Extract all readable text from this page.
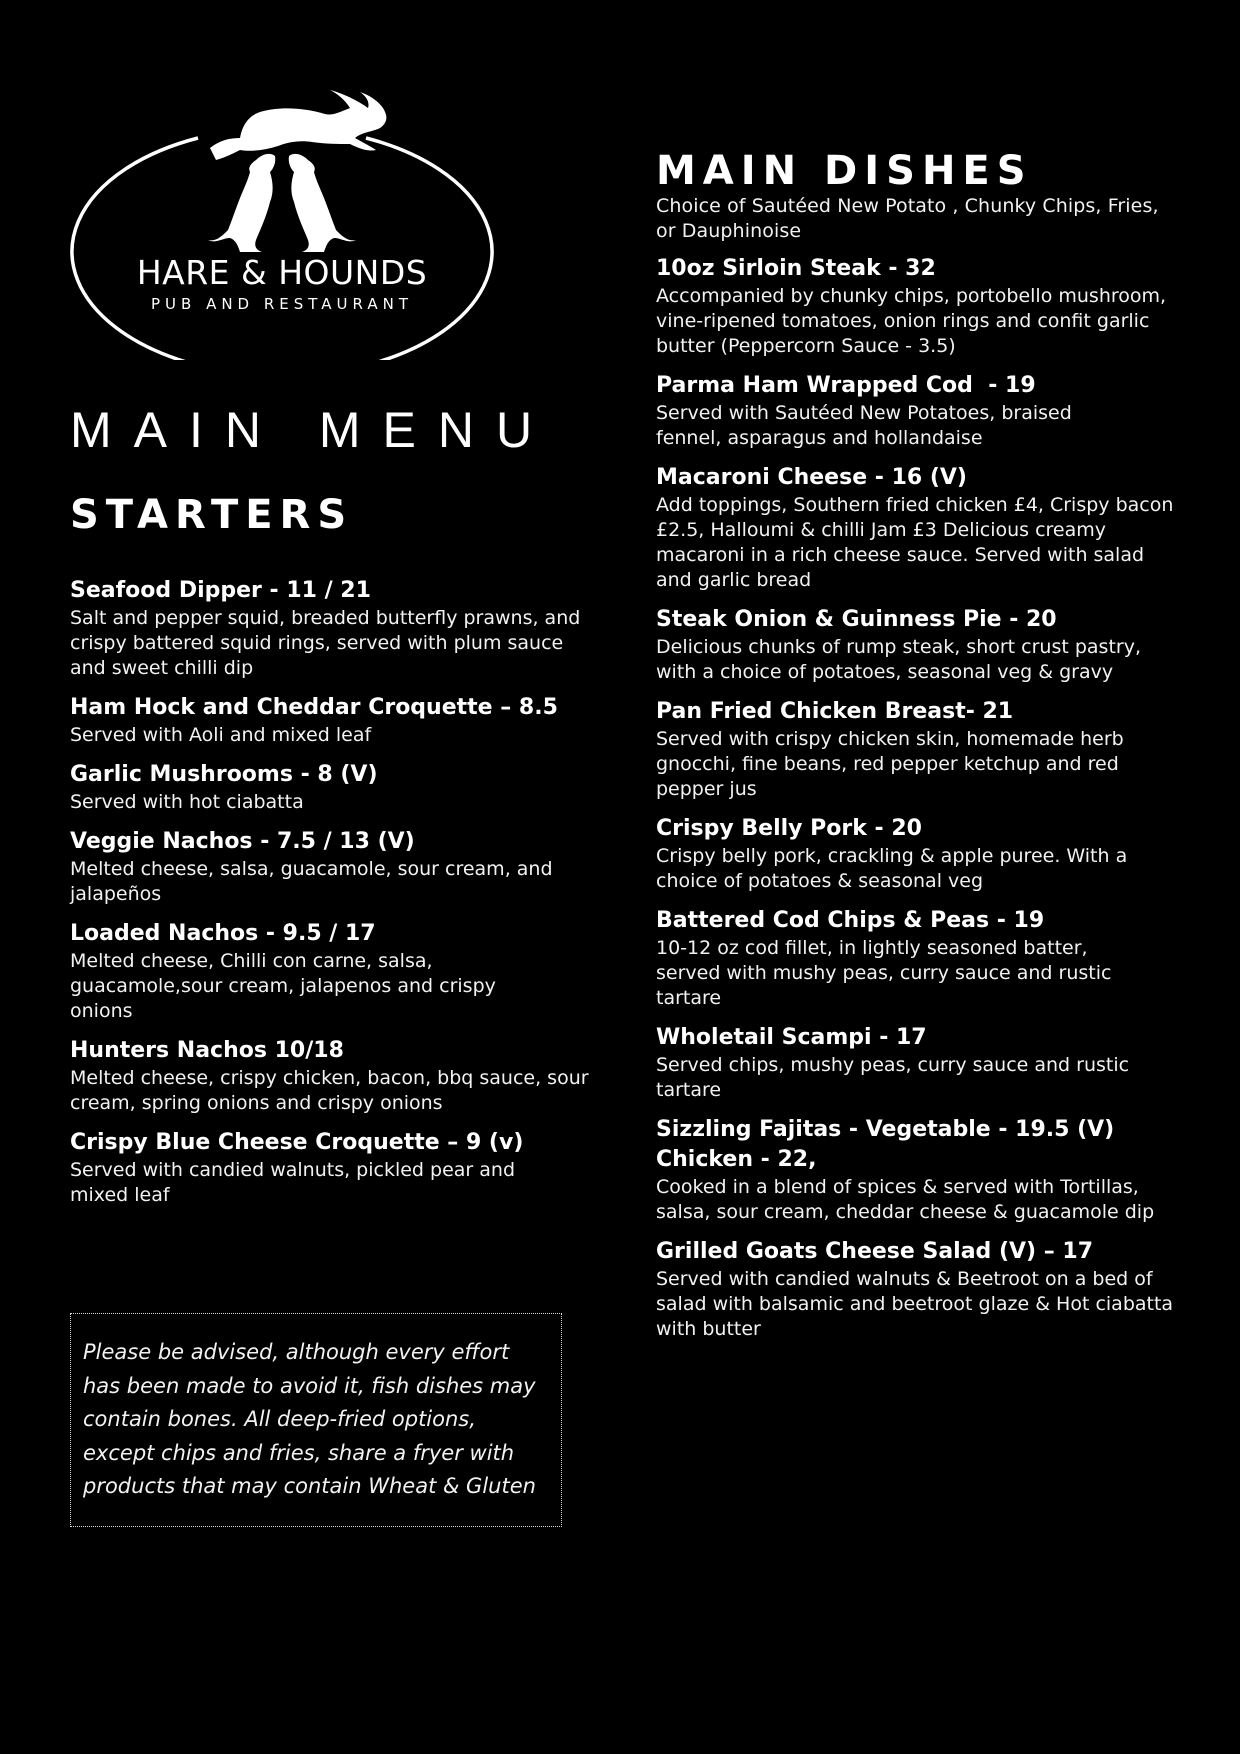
HARE & HOUNDS
PUB AND RESTAURANT
MAIN MENU
STARTERS

Seafood Dipper - 11 / 21

Salt and pepper squid, breaded butterfly prawns, and crispy battered squid rings, served with plum sauce and sweet chilli dip

Ham Hock and Cheddar Croquette – 8.5

Served with Aoli and mixed leaf

Garlic Mushrooms - 8 (V)

Served with hot ciabatta

Veggie Nachos - 7.5 / 13 (V)

Melted cheese, salsa, guacamole, sour cream, and jalapeños

Loaded Nachos - 9.5 / 17

Melted cheese, Chilli con carne, salsa, guacamole,sour cream, jalapenos and crispy onions

Hunters Nachos 10/18

Melted cheese, crispy chicken, bacon, bbq sauce, sour cream, spring onions and crispy onions

Crispy Blue Cheese Croquette – 9 (v)

Served with candied walnuts, pickled pear and mixed leaf

Please be advised, although every effort has been made to avoid it, fish dishes may contain bones. All deep-fried options, except chips and fries, share a fryer with products that may contain Wheat & Gluten
MAIN DISHES

Choice of Sautéed New Potato , Chunky Chips, Fries, or Dauphinoise

10oz Sirloin Steak - 32

Accompanied by chunky chips, portobello mushroom, vine-ripened tomatoes, onion rings and confit garlic butter (Peppercorn Sauce - 3.5)

Parma Ham Wrapped Cod  - 19

Served with Sautéed New Potatoes, braised fennel, asparagus and hollandaise

Macaroni Cheese - 16 (V)

Add toppings, Southern fried chicken £4, Crispy bacon £2.5, Halloumi & chilli Jam £3 Delicious creamy macaroni in a rich cheese sauce. Served with salad and garlic bread

Steak Onion & Guinness Pie - 20

Delicious chunks of rump steak, short crust pastry, with a choice of potatoes, seasonal veg & gravy

Pan Fried Chicken Breast- 21

Served with crispy chicken skin, homemade herb gnocchi, fine beans, red pepper ketchup and red pepper jus

Crispy Belly Pork - 20

Crispy belly pork, crackling & apple puree. With a choice of potatoes & seasonal veg

Battered Cod Chips & Peas - 19

10-12 oz cod fillet, in lightly seasoned batter, served with mushy peas, curry sauce and rustic tartare

Wholetail Scampi - 17

Served chips, mushy peas, curry sauce and rustic tartare

Sizzling Fajitas - Vegetable - 19.5 (V) Chicken - 22,

Cooked in a blend of spices & served with Tortillas, salsa, sour cream, cheddar cheese & guacamole dip

Grilled Goats Cheese Salad (V) – 17

Served with candied walnuts & Beetroot on a bed of salad with balsamic and beetroot glaze & Hot ciabatta with butter
